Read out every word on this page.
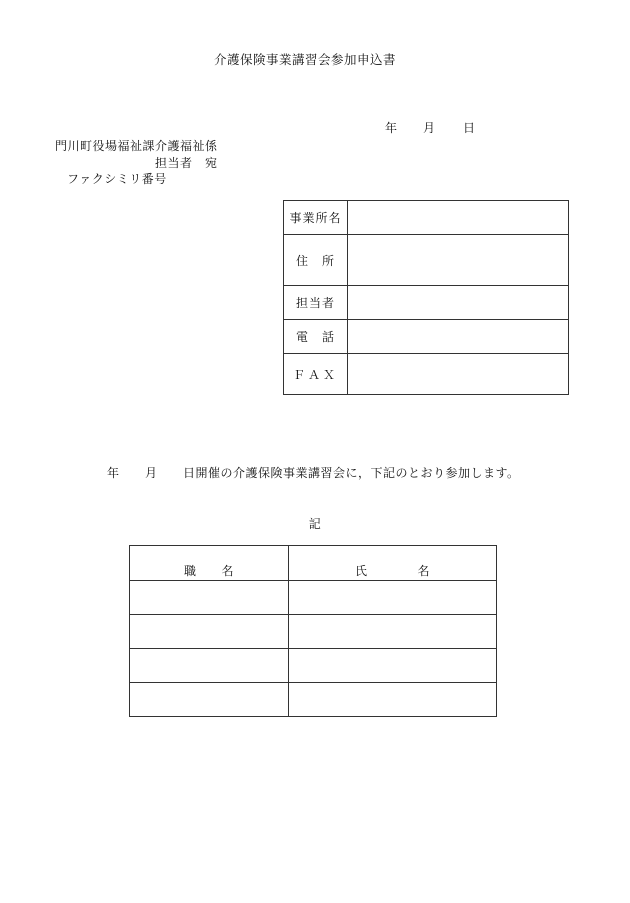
介護保険事業講習会参加申込書
年 月 日
門川町役場福祉課介護福祉係
担当者　宛
ファクシミリ番号
事業所名	
住　所	
担当者	
電　話	
ＦＡＸ	
年 月 日開催の介護保険事業講習会に，下記のとおり参加します。
記
職　　名	氏　　　　名
